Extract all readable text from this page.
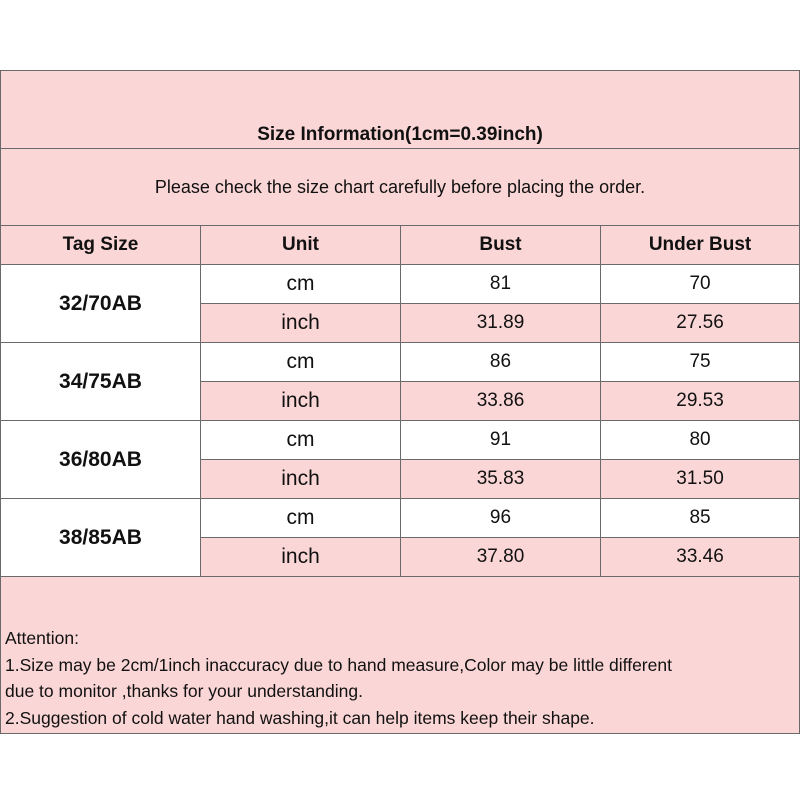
Size Information(1cm=0.39inch)			
Please check the size chart carefully before placing the order.			
Tag Size	Unit	Bust	Under Bust
32/70AB	cm	81	70
	inch	31.89	27.56
34/75AB	cm	86	75
	inch	33.86	29.53
36/80AB	cm	91	80
	inch	35.83	31.50
38/85AB	cm	96	85
	inch	37.80	33.46

Attention:
1.Size may be 2cm/1inch inaccuracy due to hand measure,Color may be little different
due to monitor ,thanks for your understanding.
2.Suggestion of cold water hand washing,it can help items keep their shape.			
